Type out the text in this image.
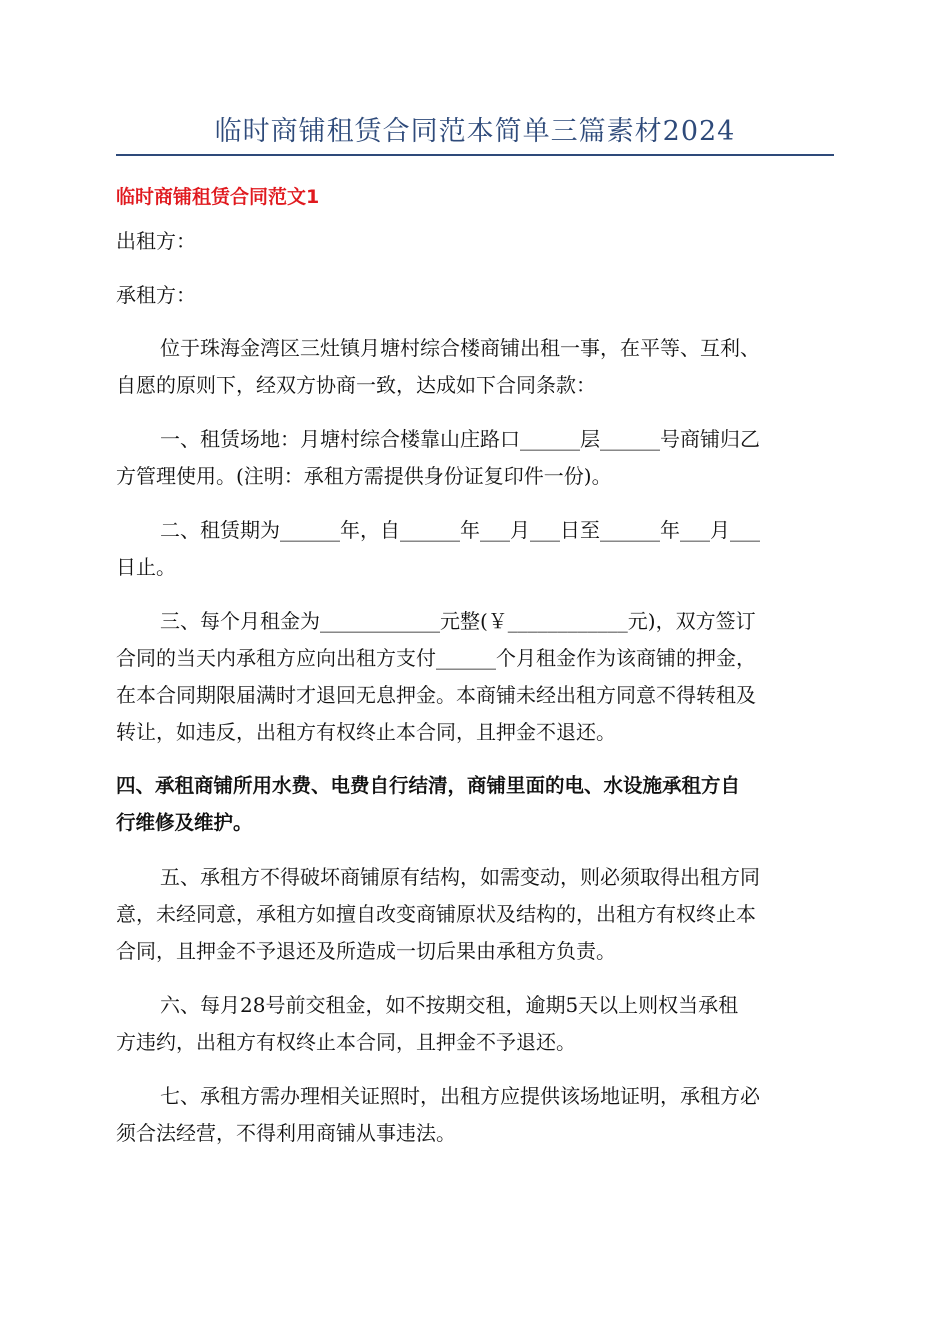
临时商铺租赁合同范本简单三篇素材2024
临时商铺租赁合同范文1
出租方：
承租方：
位于珠海金湾区三灶镇月塘村综合楼商铺出租一事，在平等、互利、
自愿的原则下，经双方协商一致，达成如下合同条款：
一、租赁场地：月塘村综合楼靠山庄路口______层______号商铺归乙
方管理使用。(注明：承租方需提供身份证复印件一份)。
二、租赁期为______年，自______年___月___日至______年___月___
日止。
三、每个月租金为____________元整(￥____________元)，双方签订
合同的当天内承租方应向出租方支付______个月租金作为该商铺的押金，
在本合同期限届满时才退回无息押金。本商铺未经出租方同意不得转租及
转让，如违反，出租方有权终止本合同，且押金不退还。
四、承租商铺所用水费、电费自行结清，商铺里面的电、水设施承租方自
行维修及维护。
五、承租方不得破坏商铺原有结构，如需变动，则必须取得出租方同
意，未经同意，承租方如擅自改变商铺原状及结构的，出租方有权终止本
合同，且押金不予退还及所造成一切后果由承租方负责。
六、每月28号前交租金，如不按期交租，逾期5天以上则权当承租
方违约，出租方有权终止本合同，且押金不予退还。
七、承租方需办理相关证照时，出租方应提供该场地证明，承租方必
须合法经营，不得利用商铺从事违法。
